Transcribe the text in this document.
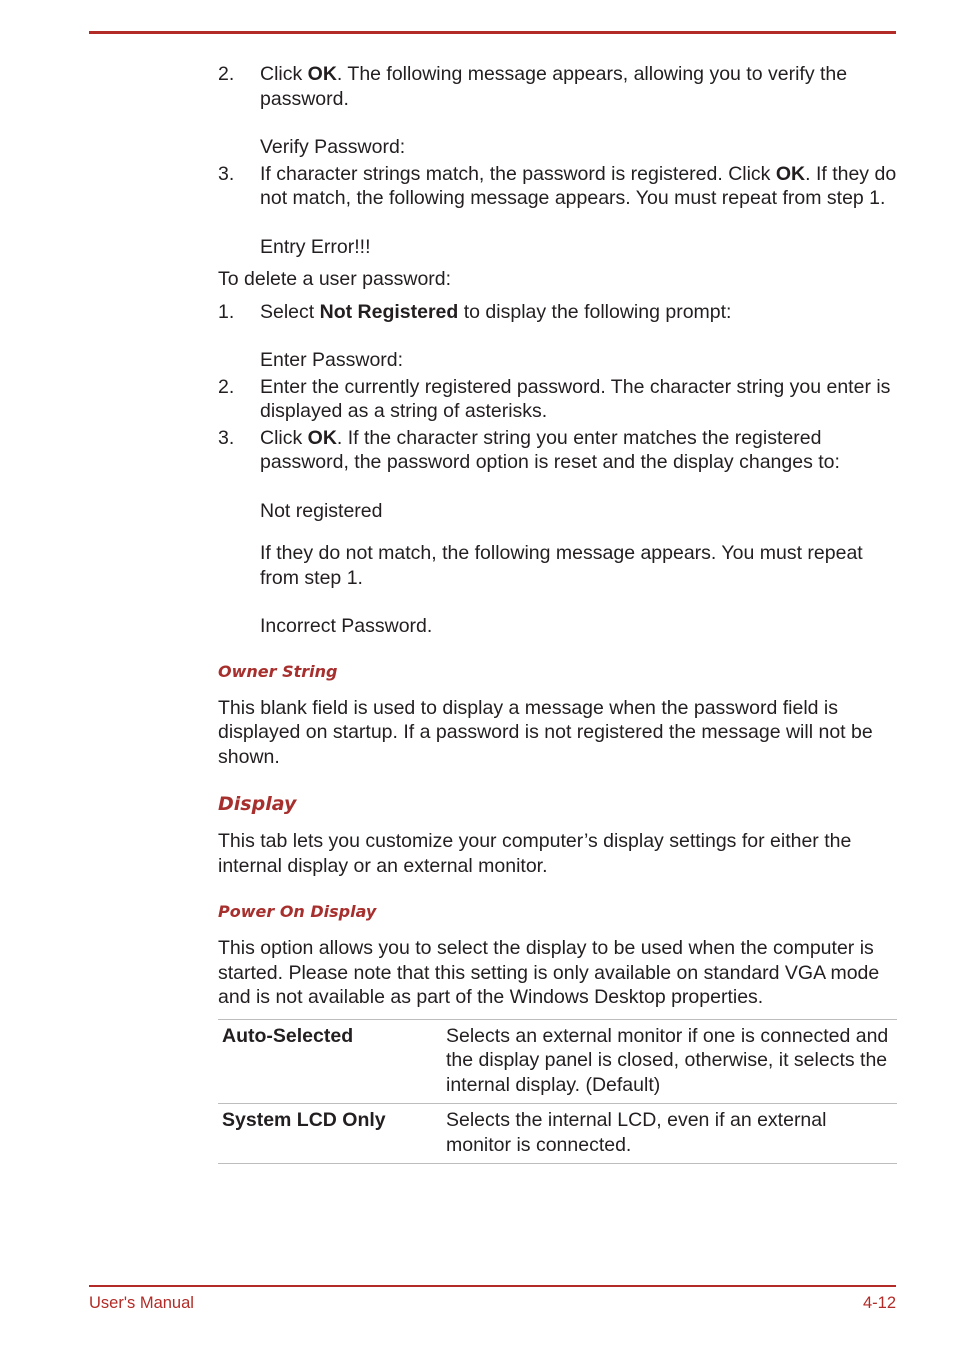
2. Click OK. The following message appears, allowing you to verify the password.
Verify Password:
3. If character strings match, the password is registered. Click OK. If they do not match, the following message appears. You must repeat from step 1.
Entry Error!!!
To delete a user password:
1. Select Not Registered to display the following prompt:
Enter Password:
2. Enter the currently registered password. The character string you enter is displayed as a string of asterisks.
3. Click OK. If the character string you enter matches the registered password, the password option is reset and the display changes to:
Not registered
If they do not match, the following message appears. You must repeat from step 1.
Incorrect Password.
Owner String
This blank field is used to display a message when the password field is displayed on startup. If a password is not registered the message will not be shown.
Display
This tab lets you customize your computer’s display settings for either the internal display or an external monitor.
Power On Display
This option allows you to select the display to be used when the computer is started. Please note that this setting is only available on standard VGA mode and is not available as part of the Windows Desktop properties.
Auto-Selected	Selects an external monitor if one is connected and the display panel is closed, otherwise, it selects the internal display. (Default)
System LCD Only	Selects the internal LCD, even if an external monitor is connected.
User's Manual	4-12
